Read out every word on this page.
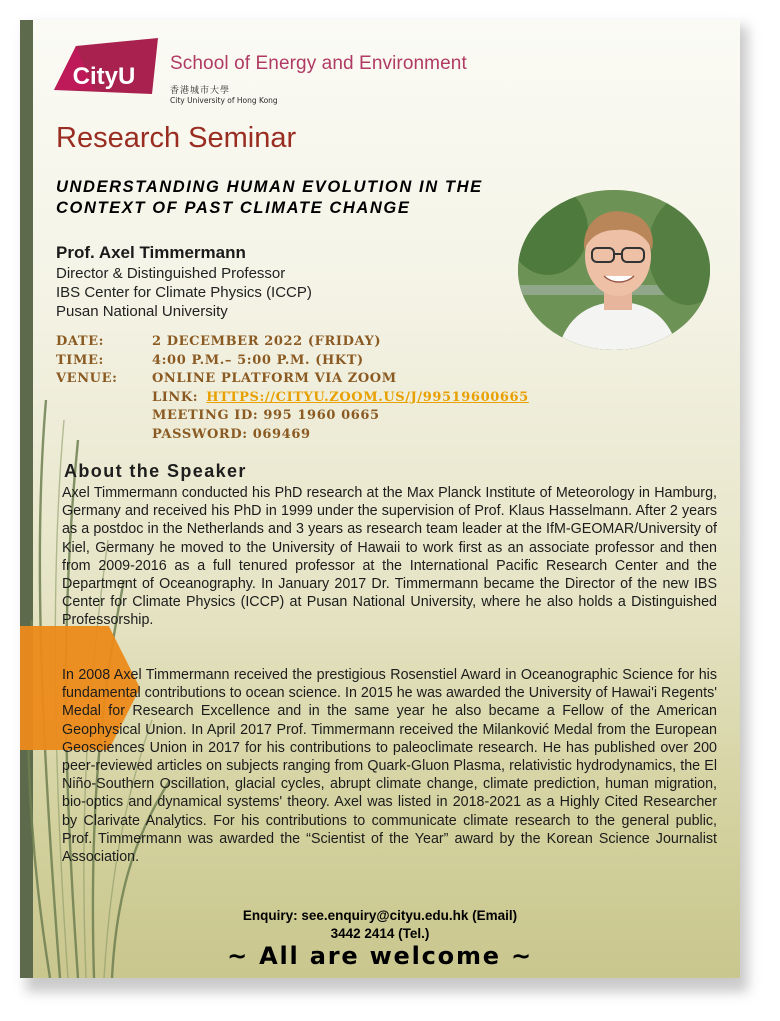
CityU School of Energy and Environment
香港城市大學
City University of Hong Kong
Research Seminar
UNDERSTANDING HUMAN EVOLUTION IN THE
CONTEXT OF PAST CLIMATE CHANGE
Prof. Axel Timmermann
Director & Distinguished Professor
IBS Center for Climate Physics (ICCP)
Pusan National University
DATE:	2 DECEMBER 2022 (FRIDAY)
TIME:	4:00 P.M.– 5:00 P.M. (HKT)
VENUE:	ONLINE PLATFORM VIA ZOOM
LINK: HTTPS://CITYU.ZOOM.US/J/99519600665
MEETING ID: 995 1960 0665
PASSWORD: 069469
About the Speaker
Axel Timmermann conducted his PhD research at the Max Planck Institute of Meteorology in Hamburg, Germany and received his PhD in 1999 under the supervision of Prof. Klaus Hasselmann. After 2 years as a postdoc in the Netherlands and 3 years as research team leader at the IfM-GEOMAR/University of Kiel, Germany he moved to the University of Hawaii to work first as an associate professor and then from 2009-2016 as a full tenured professor at the International Pacific Research Center and the Department of Oceanography. In January 2017 Dr. Timmermann became the Director of the new IBS Center for Climate Physics (ICCP) at Pusan National University, where he also holds a Distinguished Professorship.
In 2008 Axel Timmermann received the prestigious Rosenstiel Award in Oceanographic Science for his fundamental contributions to ocean science. In 2015 he was awarded the University of Hawai'i Regents' Medal for Research Excellence and in the same year he also became a Fellow of the American Geophysical Union. In April 2017 Prof. Timmermann received the Milanković Medal from the European Geosciences Union in 2017 for his contributions to paleoclimate research. He has published over 200 peer-reviewed articles on subjects ranging from Quark-Gluon Plasma, relativistic hydrodynamics, the El Niño-Southern Oscillation, glacial cycles, abrupt climate change, climate prediction, human migration, bio-optics and dynamical systems' theory. Axel was listed in 2018-2021 as a Highly Cited Researcher by Clarivate Analytics. For his contributions to communicate climate research to the general public, Prof. Timmermann was awarded the “Scientist of the Year” award by the Korean Science Journalist Association.
Enquiry: see.enquiry@cityu.edu.hk (Email)
3442 2414 (Tel.)
~ All are welcome ~
